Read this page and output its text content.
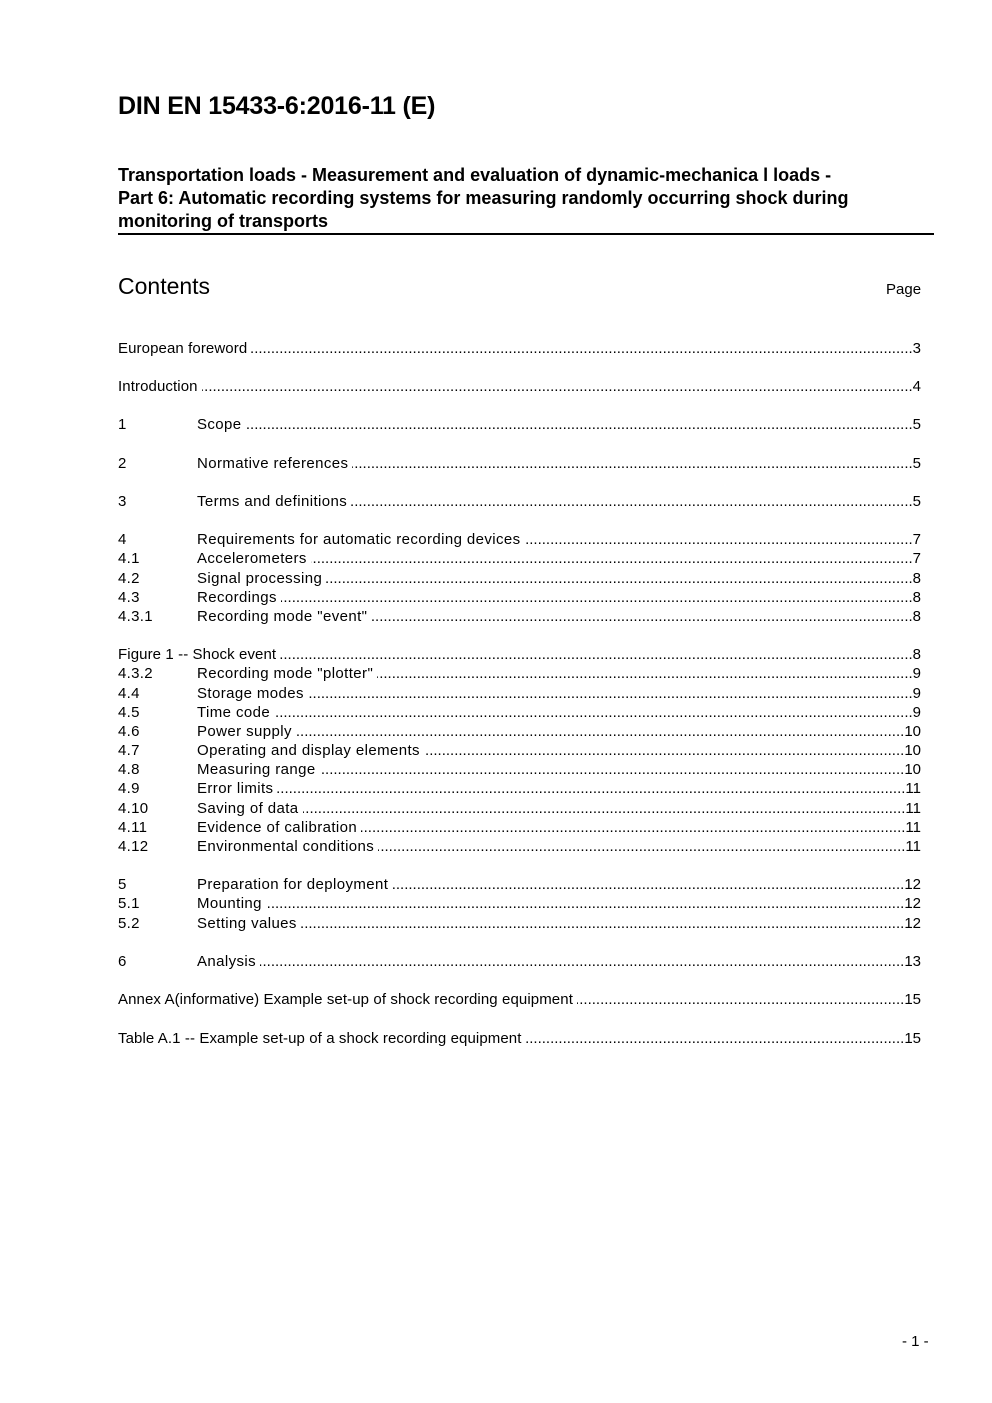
DIN EN 15433-6:2016-11 (E)
Transportation loads - Measurement and evaluation of dynamic-mechanica l loads -
Part 6: Automatic recording systems for measuring randomly occurring shock during
monitoring of transports
Contents	Page
European foreword .....	3
Introduction .....	4
1	Scope .....	5
2	Normative references .....	5
3	Terms and definitions .....	5
4	Requirements for automatic recording devices .....	7
4.1	Accelerometers .....	7
4.2	Signal processing .....	8
4.3	Recordings .....	8
4.3.1	Recording mode "event" .....	8
Figure 1 -- Shock event .....	8
4.3.2	Recording mode "plotter" .....	9
4.4	Storage modes .....	9
4.5	Time code .....	9
4.6	Power supply .....	10
4.7	Operating and display elements .....	10
4.8	Measuring range .....	10
4.9	Error limits .....	11
4.10	Saving of data .....	11
4.11	Evidence of calibration .....	11
4.12	Environmental conditions .....	11
5	Preparation for deployment .....	12
5.1	Mounting .....	12
5.2	Setting values .....	12
6	Analysis .....	13
Annex A(informative) Example set-up of shock recording equipment .....	15
Table A.1 -- Example set-up of a shock recording equipment .....	15
- 1 -
